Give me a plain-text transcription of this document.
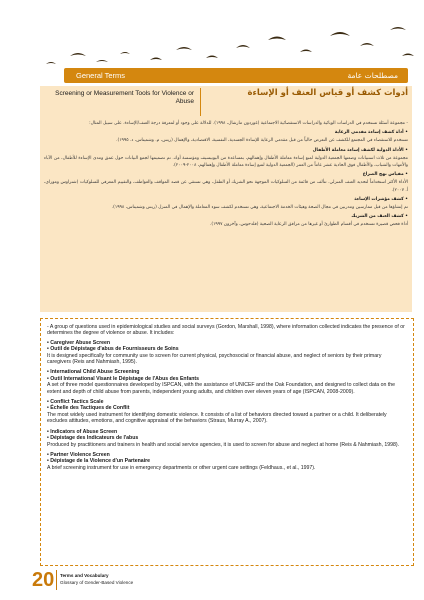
General Terms	مصطلحات عامة
Screening or Measurement Tools for Violence or Abuse
أدوات كشف أو قياس العنف أو الإساءة

- مجموعة أسئلة تستخدم في الدراسات الوبائية والدراسات الاستقصائية الاجتماعية (غوردون مارشال، ١٩٩٨). للدلالة على وجود أو لمعرفة درجة العنف/الإساءة. على سبيل المثال:

• أداة كشف إساءة مقدمي الرعاية

تستخدم للاستقصاء في المجتمع للكشف عن التعرض حالياً من قبل مقدمي الرعاية للإساءة الجسدية، النفسية، الاقتصادية، والإهمال (ريس، م. وشميتاس، د. ١٩٩٥).

• الأداة الدولية لكشف إساءة معاملة الأطفال

مجموعة من ثلاث استبيانات وضعتها الجمعية الدولية لمنع إساءة معاملة الأطفال وإهمالهم، بمساعدة من اليونيسيف ومؤسسة أوك. تم تصميمها لجمع البيانات حول عمق ومدى الإساءة للأطفال، من الآباء والأمهات والشباب، والأطفال فوق الحادية عشر عاماً من العمر (الجمعية الدولية لمنع إساءة معاملة الأطفال وإهمالهم، ٢٠٠٨-٢٠٠٩).

• مقياس نهج الصراع

الأداة الأكثر استخداماً لتحديد العنف المنزلي. تتألف من قائمة من السلوكيات الموجهة نحو الشريك أو الطفل، وهي تستقي عن قصد المواقف والعواطف، والتقييم المعرفي للسلوكيات (شتراوس وموراي، أ. ٢٠٠٧).

• كشف مؤشرات الإساءة

تم إنشاؤها من قبل ممارسين ومدربين في مجال الصحة وهيئات الخدمة الاجتماعية، وهي تستخدم لكشف سوء المعاملة والإهمال في المنزل (ريس وشميتاس، ١٩٩٨).

• كشف العنف من الشريك

أداة فحص قصيرة تستخدم في أقسام الطوارئ أو غيرها من مرافق الرعاية الصحية (فلدحوس، وآخرون ١٩٩٧).

- A group of questions used in epidemiological studies and social surveys (Gordon, Marshall, 1998), where information collected indicates the presence of or determines the degree of violence or abuse. It includes:

• Caregiver Abuse Screen

• Outil de Dépistage d'abus de Fournisseurs de Soins

It is designed specifically for community use to screen for current physical, psychosocial or financial abuse, and neglect of seniors by their primary caregivers (Reis and Nahmiash, 1995).

• International Child Abuse Screening

• Outil International Visant le Dépistage de l'Abus des Enfants

A set of three model questionnaires developed by ISPCAN, with the assistance of UNICEF and the Oak Foundation, and designed to collect data on the extent and depth of child abuse from parents, independent young adults, and children over eleven years of age (ISPCAN, 2008-2009).

• Conflict Tactics Scale

• Échelle des Tactiques de Conflit

The most widely used instrument for identifying domestic violence. It consists of a list of behaviors directed toward a partner or a child. It deliberately excludes attitudes, emotions, and cognitive appraisal of the behaviors (Straus, Murray A., 2007).

• Indicators of Abuse Screen

• Dépistage des Indicateurs de l'abus

Produced by practitioners and trainers in health and social service agencies, it is used to screen for abuse and neglect at home (Reis & Nahmiash, 1998).

• Partner Violence Screen

• Dépistage de la Violence d'un Partenaire

A brief screening instrument for use in emergency departments or other urgent care settings (Feldhaus., et al., 1997).

20 Terms and Vocabulary
Glossary of Gender-Based Violence
